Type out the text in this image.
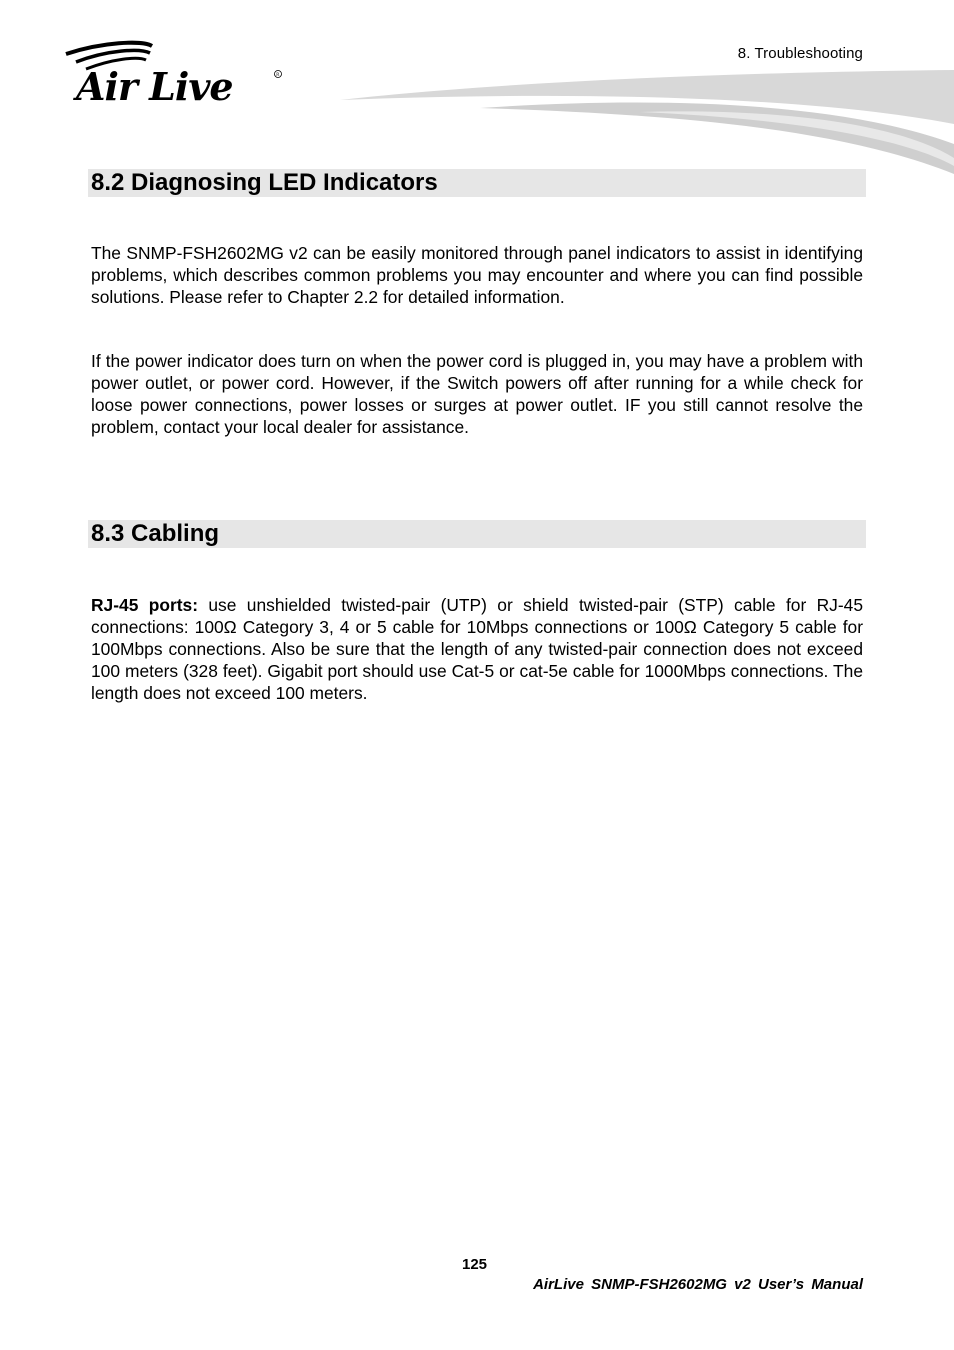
Air Live	R
8. Troubleshooting
8.2 Diagnosing LED Indicators

The SNMP-FSH2602MG v2 can be easily monitored through panel indicators to assist in identifying problems, which describes common problems you may encounter and where you can find possible solutions. Please refer to Chapter 2.2 for detailed information.

If the power indicator does turn on when the power cord is plugged in, you may have a problem with power outlet, or power cord. However, if the Switch powers off after running for a while check for loose power connections, power losses or surges at power outlet. IF you still cannot resolve the problem, contact your local dealer for assistance.

8.3 Cabling

RJ-45 ports: use unshielded twisted-pair (UTP) or shield twisted-pair (STP) cable for RJ-45 connections: 100Ω Category 3, 4 or 5 cable for 10Mbps connections or 100Ω Category 5 cable for 100Mbps connections. Also be sure that the length of any twisted-pair connection does not exceed 100 meters (328 feet). Gigabit port should use Cat-5 or cat-5e cable for 1000Mbps connections. The length does not exceed 100 meters.

125
AirLive SNMP-FSH2602MG v2 User’s Manual
